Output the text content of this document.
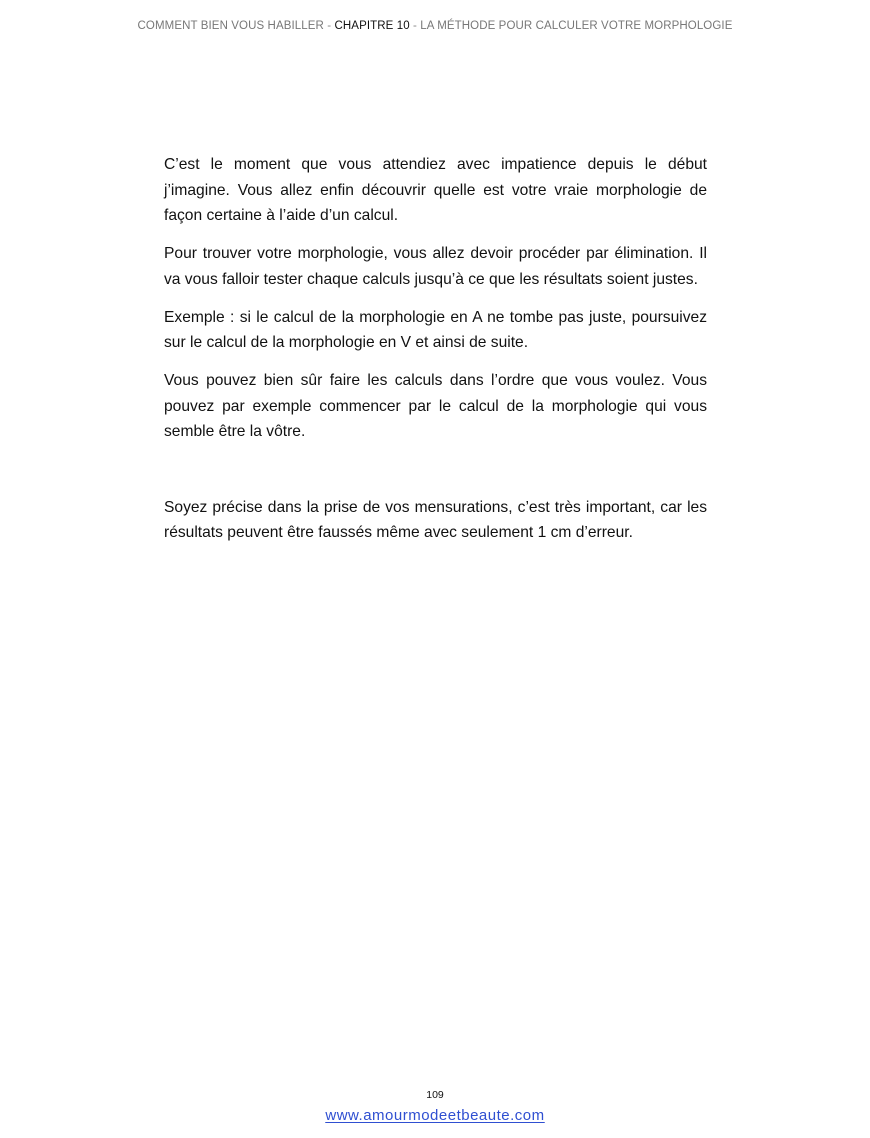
COMMENT BIEN VOUS HABILLER - CHAPITRE 10 - LA MÉTHODE POUR CALCULER VOTRE MORPHOLOGIE

C’est le moment que vous attendiez avec impatience depuis le début j’imagine. Vous allez enfin découvrir quelle est votre vraie morphologie de façon certaine à l’aide d’un calcul.

Pour trouver votre morphologie, vous allez devoir procéder par élimination. Il va vous falloir tester chaque calculs jusqu’à ce que les résultats soient justes.

Exemple : si le calcul de la morphologie en A ne tombe pas juste, poursuivez sur le calcul de la morphologie en V et ainsi de suite.

Vous pouvez bien sûr faire les calculs dans l’ordre que vous voulez. Vous pouvez par exemple commencer par le calcul de la morphologie qui vous semble être la vôtre.

Soyez précise dans la prise de vos mensurations, c’est très important, car les résultats peuvent être faussés même avec seulement 1 cm d’erreur.

109
www.amourmodeetbeaute.com
